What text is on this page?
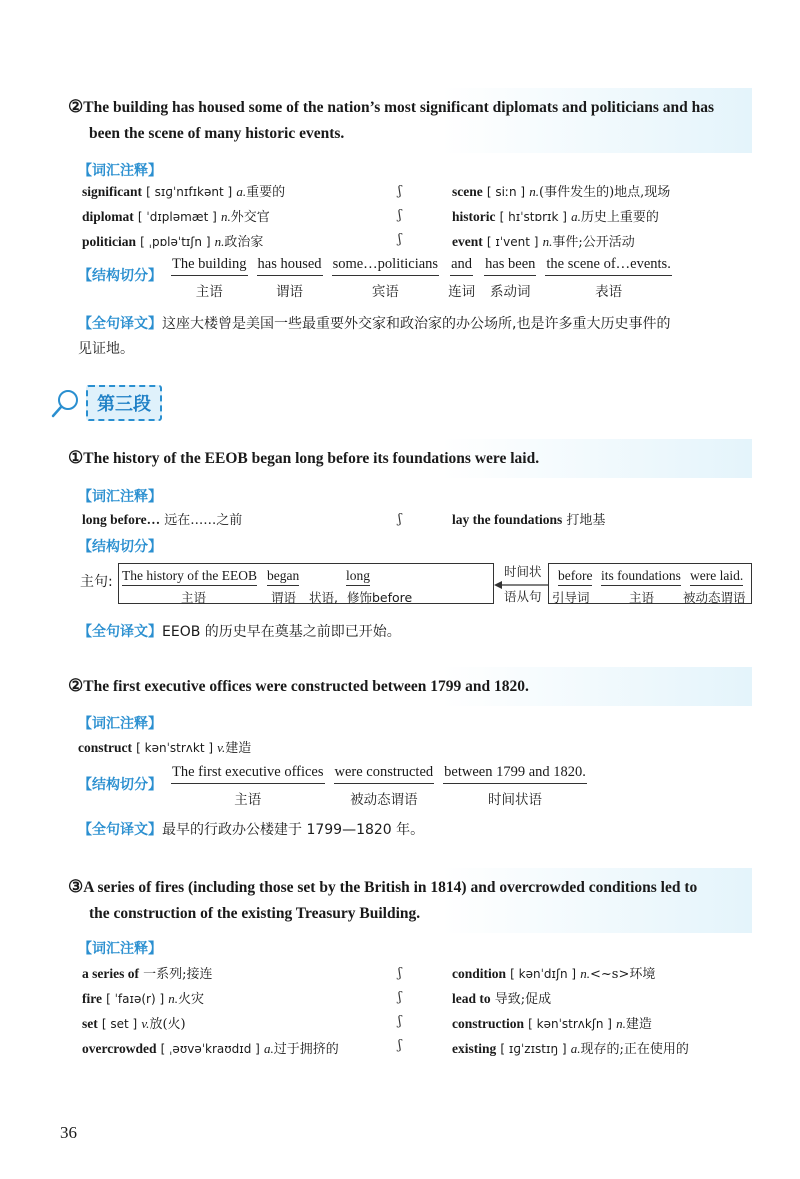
②The building has housed some of the nation’s most significant diplomats and politicians and has
been the scene of many historic events.
【词汇注释】
significant [ sɪɡˈnɪfɪkənt ] a.重要的
diplomat [ ˈdɪpləmæt ] n.外交官
politician [ ˌpɒləˈtɪʃn ] n.政治家
ʃ
ʃ
ʃ
scene [ siːn ] n.(事件发生的)地点,现场
historic [ hɪˈstɒrɪk ] a.历史上重要的
event [ ɪˈvent ] n.事件;公开活动
【结构切分】
The building
主语
has housed
谓语
some…politicians
宾语
and
连词
has been
系动词
the scene of…events.
表语
【全句译文】这座大楼曾是美国一些最重要外交家和政治家的办公场所,也是许多重大历史事件的
见证地。
第三段
①The history of the EEOB began long before its foundations were laid.
【词汇注释】
long before… 远在……之前	ʃ	lay the foundations 打地基
【结构切分】
主句: The history of the EEOB
主语
began
谓语
long
状语, 修饰before
时间状
语从句
before
引导词
its foundations
主语
were laid.
被动态谓语
【全句译文】EEOB 的历史早在奠基之前即已开始。
②The first executive offices were constructed between 1799 and 1820.
【词汇注释】
construct [ kənˈstrʌkt ] v.建造
【结构切分】
The first executive offices
主语
were constructed
被动态谓语
between 1799 and 1820.
时间状语
【全句译文】最早的行政办公楼建于 1799—1820 年。
③A series of fires (including those set by the British in 1814) and overcrowded conditions led to
the construction of the existing Treasury Building.
【词汇注释】
a series of 一系列;接连
fire [ ˈfaɪə(r) ] n.火灾
set [ set ] v.放(火)
overcrowded [ ˌəʊvəˈkraʊdɪd ] a.过于拥挤的
ʃ
ʃ
ʃ
ʃ
condition [ kənˈdɪʃn ] n.<~s>环境
lead to 导致;促成
construction [ kənˈstrʌkʃn ] n.建造
existing [ ɪɡˈzɪstɪŋ ] a.现存的;正在使用的
36
